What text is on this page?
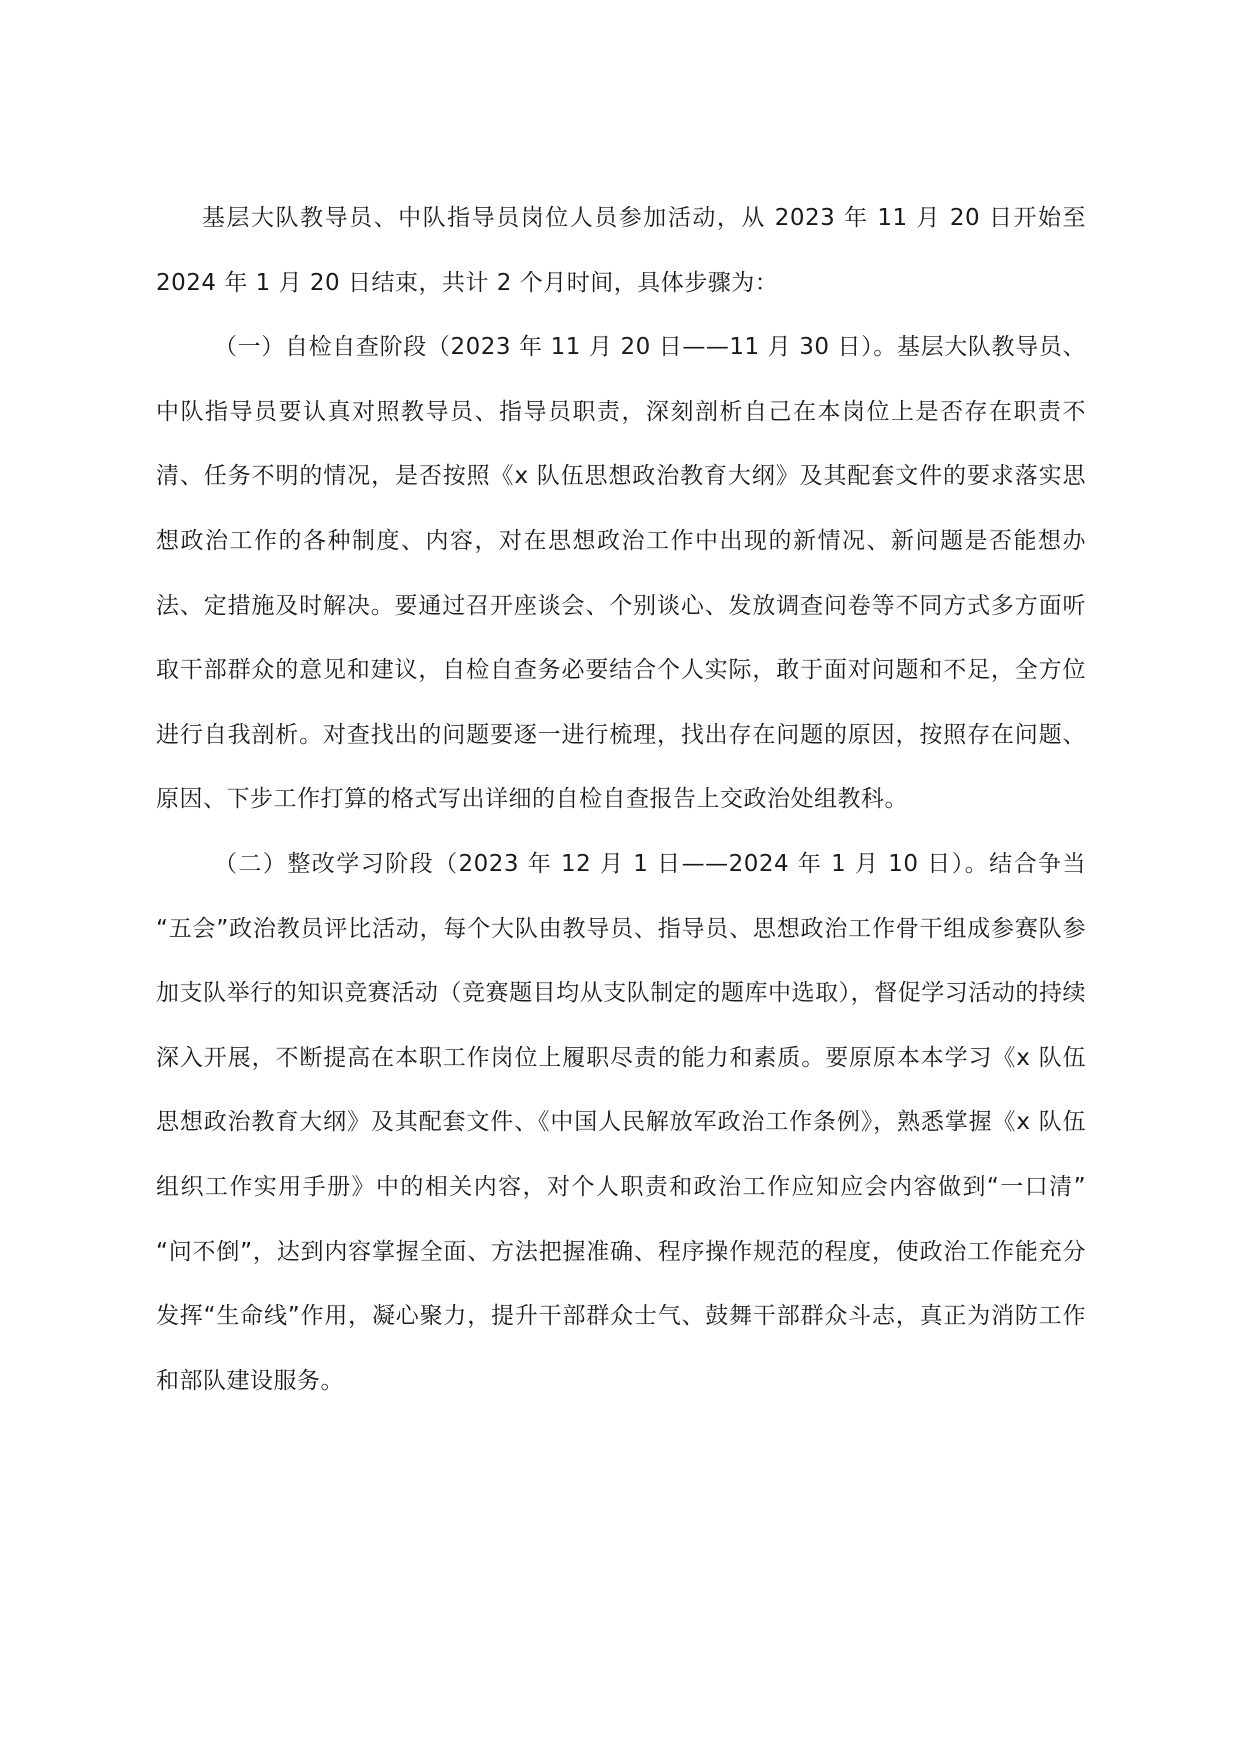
基层大队教导员、中队指导员岗位人员参加活动，从 2023 年 11 月 20 日开始至 2024 年 1 月 20 日结束，共计 2 个月时间，具体步骤为：

（一）自检自查阶段（2023 年 11 月 20 日——11 月 30 日）。基层大队教导员、中队指导员要认真对照教导员、指导员职责，深刻剖析自己在本岗位上是否存在职责不清、任务不明的情况，是否按照《x 队伍思想政治教育大纲》及其配套文件的要求落实思想政治工作的各种制度、内容，对在思想政治工作中出现的新情况、新问题是否能想办法、定措施及时解决。要通过召开座谈会、个别谈心、发放调查问卷等不同方式多方面听取干部群众的意见和建议，自检自查务必要结合个人实际，敢于面对问题和不足，全方位进行自我剖析。对查找出的问题要逐一进行梳理，找出存在问题的原因，按照存在问题、原因、下步工作打算的格式写出详细的自检自查报告上交政治处组教科。

（二）整改学习阶段（2023 年 12 月 1 日——2024 年 1 月 10 日）。结合争当 “五会”政治教员评比活动，每个大队由教导员、指导员、思想政治工作骨干组成参赛队参加支队举行的知识竞赛活动（竞赛题目均从支队制定的题库中选取），督促学习活动的持续深入开展，不断提高在本职工作岗位上履职尽责的能力和素质。要原原本本学习《x 队伍思想政治教育大纲》及其配套文件、《中国人民解放军政治工作条例》，熟悉掌握《x 队伍组织工作实用手册》中的相关内容，对个人职责和政治工作应知应会内容做到“一口清” “问不倒”，达到内容掌握全面、方法把握准确、程序操作规范的程度，使政治工作能充分发挥“生命线”作用，凝心聚力，提升干部群众士气、鼓舞干部群众斗志，真正为消防工作和部队建设服务。
